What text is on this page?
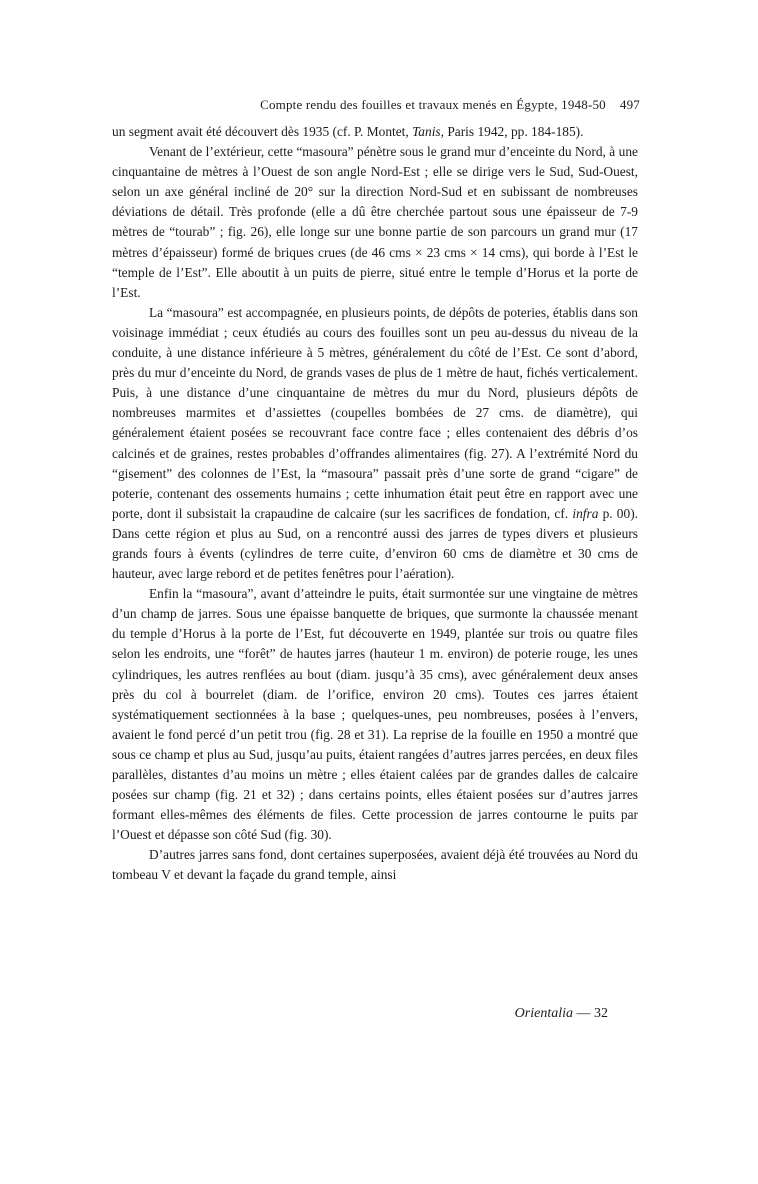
Compte rendu des fouilles et travaux menés en Égypte, 1948-50 497

un segment avait été découvert dès 1935 (cf. P. Montet, Tanis, Paris 1942, pp. 184-185).

Venant de l’extérieur, cette “masoura” pénètre sous le grand mur d’enceinte du Nord, à une cinquantaine de mètres à l’Ouest de son angle Nord-Est ; elle se dirige vers le Sud, Sud-Ouest, selon un axe général incliné de 20° sur la direction Nord-Sud et en subissant de nombreuses déviations de détail. Très profonde (elle a dû être cherchée partout sous une épaisseur de 7-9 mètres de “tourab” ; fig. 26), elle longe sur une bonne partie de son parcours un grand mur (17 mètres d’épaisseur) formé de briques crues (de 46 cms × 23 cms × 14 cms), qui borde à l’Est le “temple de l’Est”. Elle aboutit à un puits de pierre, situé entre le temple d’Horus et la porte de l’Est.

La “masoura” est accompagnée, en plusieurs points, de dépôts de poteries, établis dans son voisinage immédiat ; ceux étudiés au cours des fouilles sont un peu au-dessus du niveau de la conduite, à une distance inférieure à 5 mètres, généralement du côté de l’Est. Ce sont d’abord, près du mur d’enceinte du Nord, de grands vases de plus de 1 mètre de haut, fichés verticalement. Puis, à une distance d’une cinquantaine de mètres du mur du Nord, plusieurs dépôts de nombreuses marmites et d’assiettes (coupelles bombées de 27 cms. de diamètre), qui généralement étaient posées se recouvrant face contre face ; elles contenaient des débris d’os calcinés et de graines, restes probables d’offrandes alimentaires (fig. 27). A l’extrémité Nord du “gisement” des colonnes de l’Est, la “masoura” passait près d’une sorte de grand “cigare” de poterie, contenant des ossements humains ; cette inhumation était peut être en rapport avec une porte, dont il subsistait la crapaudine de calcaire (sur les sacrifices de fondation, cf. infra p. 00). Dans cette région et plus au Sud, on a rencontré aussi des jarres de types divers et plusieurs grands fours à évents (cylindres de terre cuite, d’environ 60 cms de diamètre et 30 cms de hauteur, avec large rebord et de petites fenêtres pour l’aération).

Enfin la “masoura”, avant d’atteindre le puits, était surmontée sur une vingtaine de mètres d’un champ de jarres. Sous une épaisse banquette de briques, que surmonte la chaussée menant du temple d’Horus à la porte de l’Est, fut découverte en 1949, plantée sur trois ou quatre files selon les endroits, une “forêt” de hautes jarres (hauteur 1 m. environ) de poterie rouge, les unes cylindriques, les autres renflées au bout (diam. jusqu’à 35 cms), avec généralement deux anses près du col à bourrelet (diam. de l’orifice, environ 20 cms). Toutes ces jarres étaient systématiquement sectionnées à la base ; quelques-unes, peu nombreuses, posées à l’envers, avaient le fond percé d’un petit trou (fig. 28 et 31). La reprise de la fouille en 1950 a montré que sous ce champ et plus au Sud, jusqu’au puits, étaient rangées d’autres jarres percées, en deux files parallèles, distantes d’au moins un mètre ; elles étaient calées par de grandes dalles de calcaire posées sur champ (fig. 21 et 32) ; dans certains points, elles étaient posées sur d’autres jarres formant elles-mêmes des éléments de files. Cette procession de jarres contourne le puits par l’Ouest et dépasse son côté Sud (fig. 30).

D’autres jarres sans fond, dont certaines superposées, avaient déjà été trouvées au Nord du tombeau V et devant la façade du grand temple, ainsi

Orientalia — 32
